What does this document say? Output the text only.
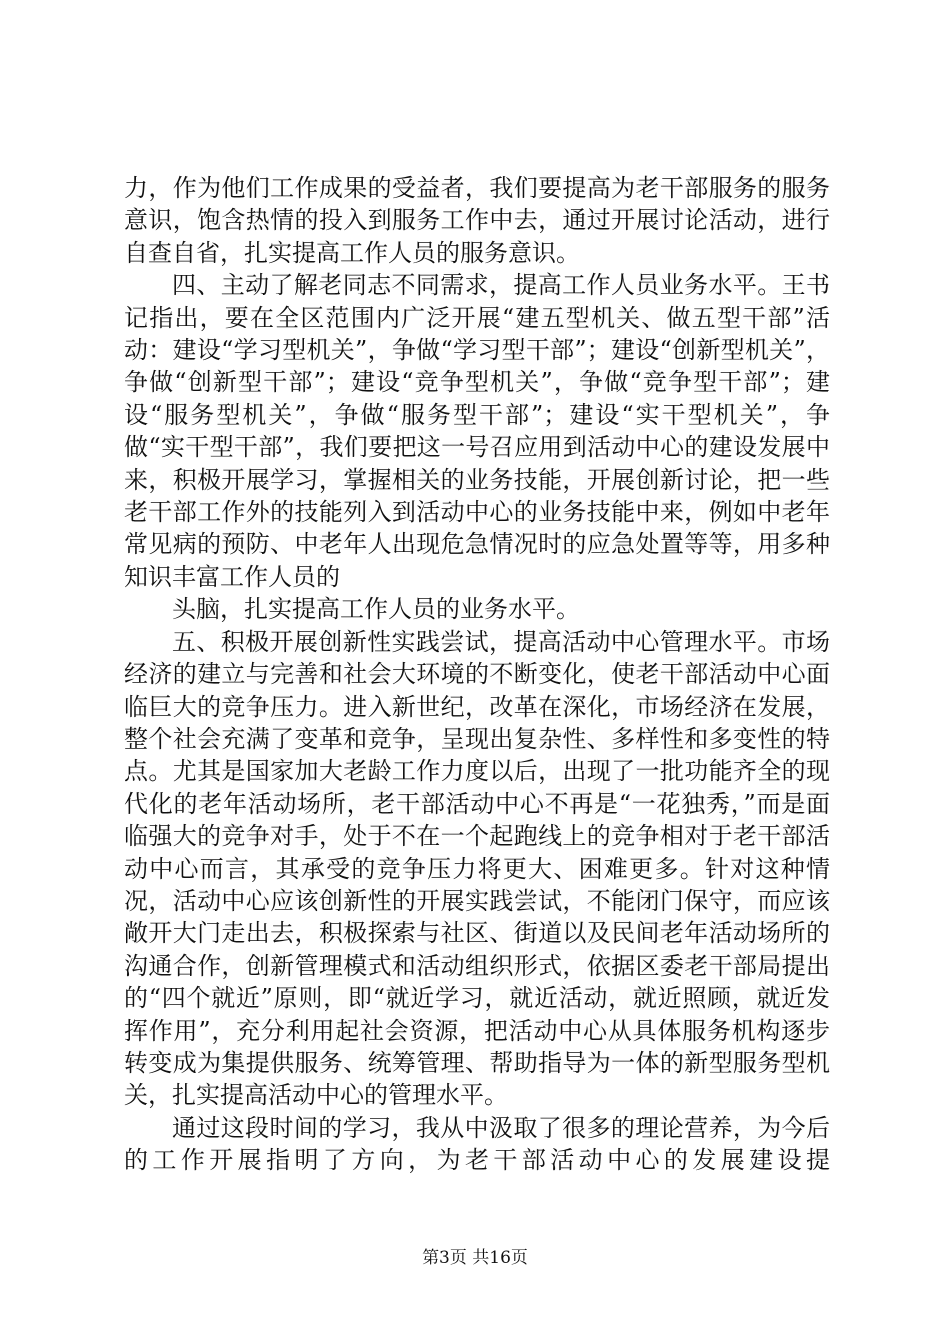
力，作为他们工作成果的受益者，我们要提高为老干部服务的服务意识，饱含热情的投入到服务工作中去，通过开展讨论活动，进行自查自省，扎实提高工作人员的服务意识。

四、主动了解老同志不同需求，提高工作人员业务水平。王书记指出，要在全区范围内广泛开展“建五型机关、做五型干部”活动：建设“学习型机关”，争做“学习型干部”；建设“创新型机关”，争做“创新型干部”；建设“竞争型机关”，争做“竞争型干部”；建设“服务型机关”，争做“服务型干部”；建设“实干型机关”，争做“实干型干部”，我们要把这一号召应用到活动中心的建设发展中来，积极开展学习，掌握相关的业务技能，开展创新讨论，把一些老干部工作外的技能列入到活动中心的业务技能中来，例如中老年常见病的预防、中老年人出现危急情况时的应急处置等等，用多种知识丰富工作人员的

头脑，扎实提高工作人员的业务水平。

五、积极开展创新性实践尝试，提高活动中心管理水平。市场经济的建立与完善和社会大环境的不断变化，使老干部活动中心面临巨大的竞争压力。进入新世纪，改革在深化，市场经济在发展，整个社会充满了变革和竞争，呈现出复杂性、多样性和多变性的特点。尤其是国家加大老龄工作力度以后，出现了一批功能齐全的现代化的老年活动场所，老干部活动中心不再是“一花独秀，”而是面临强大的竞争对手，处于不在一个起跑线上的竞争相对于老干部活动中心而言，其承受的竞争压力将更大、困难更多。针对这种情况，活动中心应该创新性的开展实践尝试，不能闭门保守，而应该敞开大门走出去，积极探索与社区、街道以及民间老年活动场所的沟通合作，创新管理模式和活动组织形式，依据区委老干部局提出的“四个就近”原则，即“就近学习，就近活动，就近照顾，就近发挥作用”，充分利用起社会资源，把活动中心从具体服务机构逐步转变成为集提供服务、统筹管理、帮助指导为一体的新型服务型机关，扎实提高活动中心的管理水平。

通过这段时间的学习，我从中汲取了很多的理论营养，为今后的工作开展指明了方向，为老干部活动中心的发展建设提

第3页 共16页
